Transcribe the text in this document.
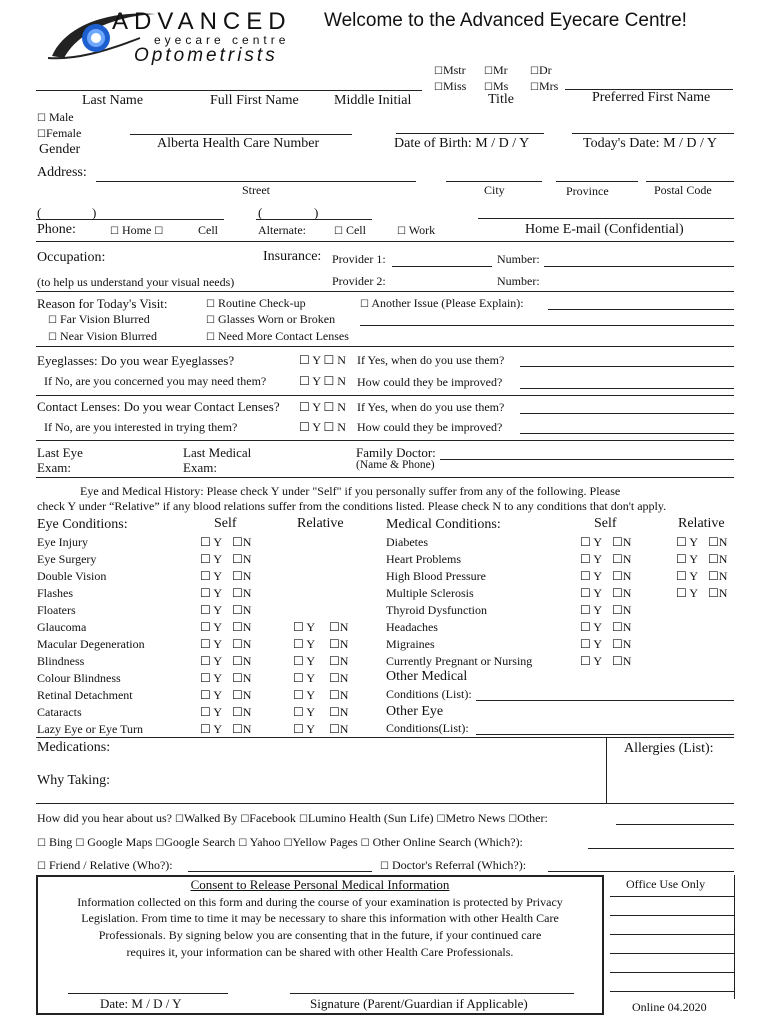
ADVANCED
eyecare centre
Optometrists
Welcome to the Advanced Eyecare Centre!
☐Mstr ☐Mr ☐Dr
☐Miss ☐Ms ☐Mrs
Title
Last Name	Full First Name	Middle Initial	Preferred First Name
☐ Male
☐Female
Gender	Alberta Health Care Number	Date of Birth: M / D / Y	Today's Date: M / D / Y
Address:
Street	City	Province	Postal Code
(	)	(	)
Phone:	☐ Home ☐	Cell	Alternate:	☐ Cell	☐ Work	Home E-mail (Confidential)
Occupation:	Insurance: Provider 1:	Number:
(to help us understand your visual needs)	Provider 2:	Number:
Reason for Today's Visit:	☐ Routine Check-up	☐ Another Issue (Please Explain):
☐ Far Vision Blurred	☐ Glasses Worn or Broken
☐ Near Vision Blurred	☐ Need More Contact Lenses
Eyeglasses: Do you wear Eyeglasses?	☐ Y ☐ N If Yes, when do you use them?
If No, are you concerned you may need them?	☐ Y ☐ N How could they be improved?
Contact Lenses: Do you wear Contact Lenses? ☐ Y ☐ N If Yes, when do you use them?
If No, are you interested in trying them?	☐ Y ☐ N How could they be improved?
Last Eye
Exam:
Last Medical
Exam:
Family Doctor:
(Name & Phone)
Eye and Medical History: Please check Y under "Self" if you personally suffer from any of the following. Please
check Y under “Relative” if any blood relations suffer from the conditions listed. Please check N to any conditions that don't apply.
Eye Conditions:	Self	Relative
Eye Injury	☐ Y ☐N
Eye Surgery	☐ Y ☐N
Double Vision	☐ Y ☐N
Flashes	☐ Y ☐N
Floaters	☐ Y ☐N
Glaucoma	☐ Y ☐N	☐ Y ☐N
Macular Degeneration	☐ Y ☐N	☐ Y ☐N
Blindness	☐ Y ☐N	☐ Y ☐N
Colour Blindness	☐ Y ☐N	☐ Y ☐N
Retinal Detachment	☐ Y ☐N	☐ Y ☐N
Cataracts	☐ Y ☐N	☐ Y ☐N
Lazy Eye or Eye Turn	☐ Y ☐N	☐ Y ☐N
Medical Conditions:	Self	Relative
Diabetes	☐ Y ☐N	☐ Y ☐N
Heart Problems	☐ Y ☐N	☐ Y ☐N
High Blood Pressure	☐ Y ☐N	☐ Y ☐N
Multiple Sclerosis	☐ Y ☐N	☐ Y ☐N
Thyroid Dysfunction	☐ Y ☐N
Headaches	☐ Y ☐N
Migraines	☐ Y ☐N
Currently Pregnant or Nursing	☐ Y ☐N
Other Medical
Conditions (List):
Other Eye
Conditions(List):
Medications:	Allergies (List):
Why Taking:
How did you hear about us? ☐Walked By ☐Facebook ☐Lumino Health (Sun Life) ☐Metro News ☐Other:
☐ Bing ☐ Google Maps ☐Google Search ☐ Yahoo ☐Yellow Pages ☐ Other Online Search (Which?):
☐ Friend / Relative (Who?):	☐ Doctor's Referral (Which?):
Consent to Release Personal Medical Information
Information collected on this form and during the course of your examination is protected by Privacy
Legislation. From time to time it may be necessary to share this information with other Health Care
Professionals. By signing below you are consenting that in the future, if your continued care
requires it, your information can be shared with other Health Care Professionals.
Date: M / D / Y	Signature (Parent/Guardian if Applicable)
Office Use Only
Online 04.2020
